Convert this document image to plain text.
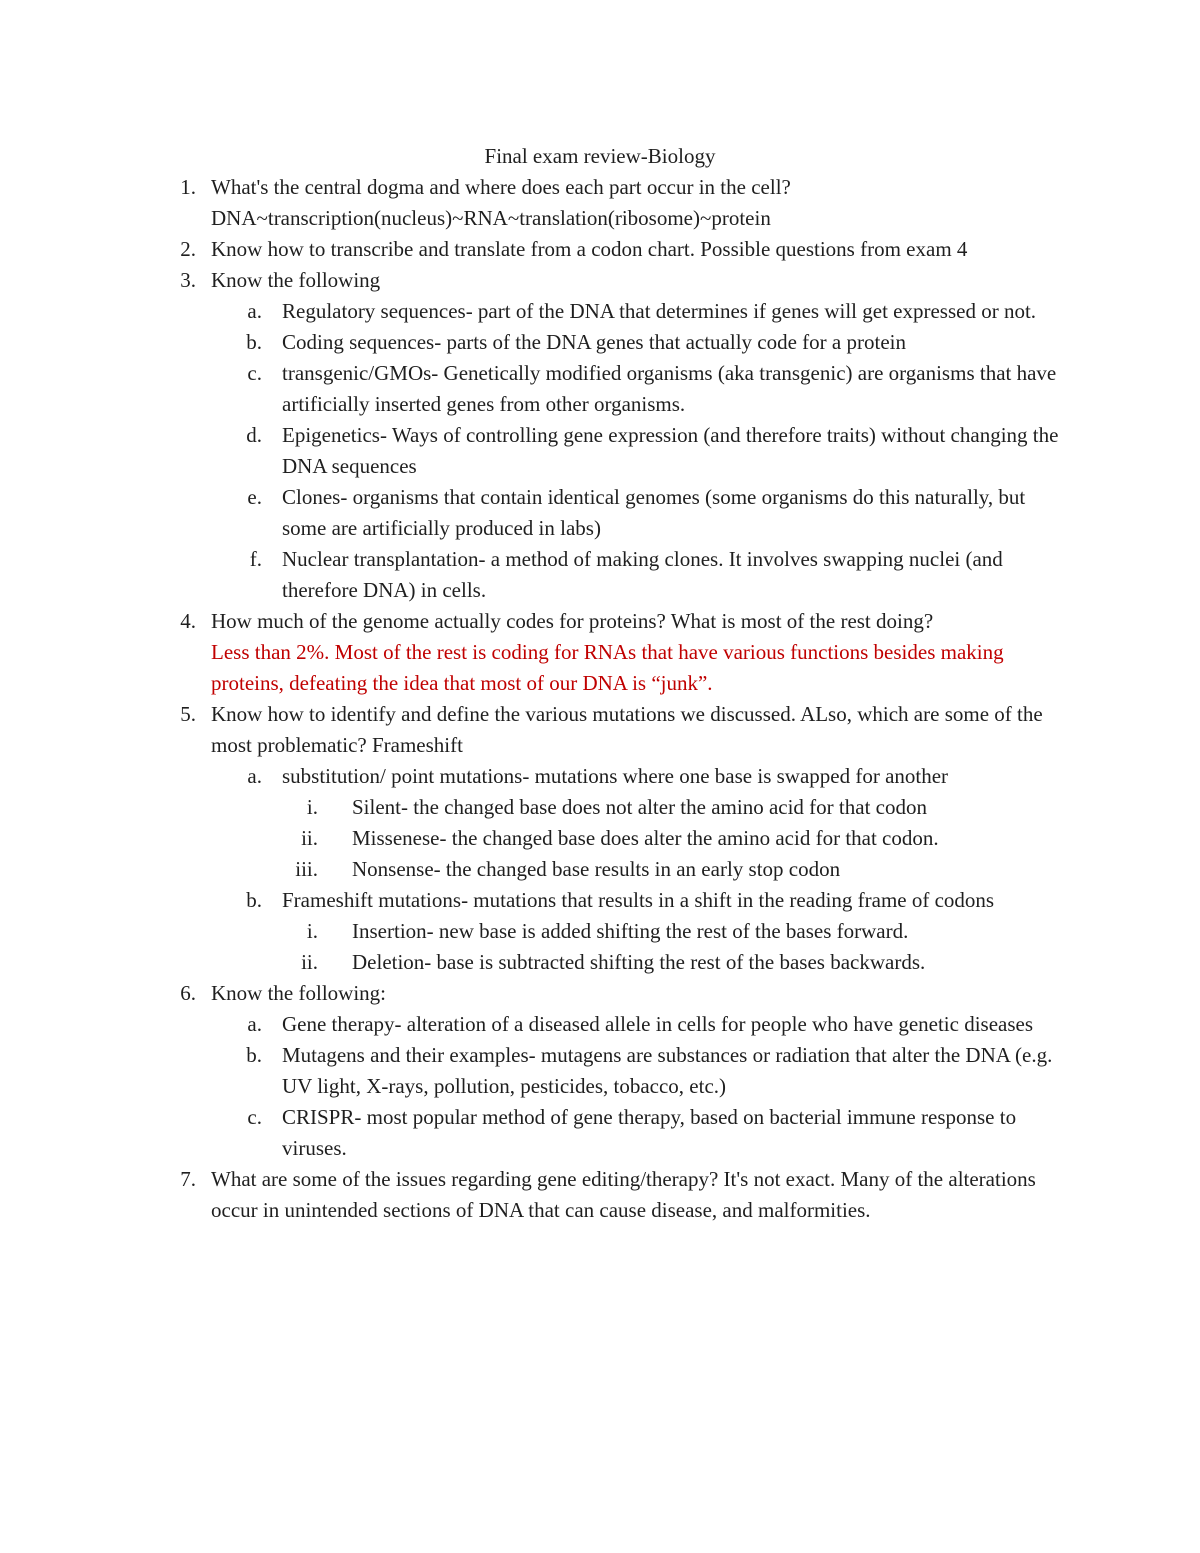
Final exam review-Biology
1. What's the central dogma and where does each part occur in the cell?
DNA~transcription(nucleus)~RNA~translation(ribosome)~protein
2. Know how to transcribe and translate from a codon chart. Possible questions from exam 4
3. Know the following
a. Regulatory sequences- part of the DNA that determines if genes will get expressed or not.
b. Coding sequences- parts of the DNA genes that actually code for a protein
c. transgenic/GMOs- Genetically modified organisms (aka transgenic) are organisms that have artificially inserted genes from other organisms.
d. Epigenetics- Ways of controlling gene expression (and therefore traits) without changing the DNA sequences
e. Clones- organisms that contain identical genomes (some organisms do this naturally, but some are artificially produced in labs)
f. Nuclear transplantation- a method of making clones. It involves swapping nuclei (and therefore DNA) in cells.
4. How much of the genome actually codes for proteins? What is most of the rest doing?
Less than 2%. Most of the rest is coding for RNAs that have various functions besides making proteins, defeating the idea that most of our DNA is “junk”.
5. Know how to identify and define the various mutations we discussed. ALso, which are some of the most problematic? Frameshift
a. substitution/ point mutations- mutations where one base is swapped for another
i. Silent- the changed base does not alter the amino acid for that codon
ii. Missenese- the changed base does alter the amino acid for that codon.
iii. Nonsense- the changed base results in an early stop codon
b. Frameshift mutations- mutations that results in a shift in the reading frame of codons
i. Insertion- new base is added shifting the rest of the bases forward.
ii. Deletion- base is subtracted shifting the rest of the bases backwards.
6. Know the following:
a. Gene therapy- alteration of a diseased allele in cells for people who have genetic diseases
b. Mutagens and their examples- mutagens are substances or radiation that alter the DNA (e.g. UV light, X-rays, pollution, pesticides, tobacco, etc.)
c. CRISPR- most popular method of gene therapy, based on bacterial immune response to viruses.
7. What are some of the issues regarding gene editing/therapy? It's not exact. Many of the alterations occur in unintended sections of DNA that can cause disease, and malformities.
